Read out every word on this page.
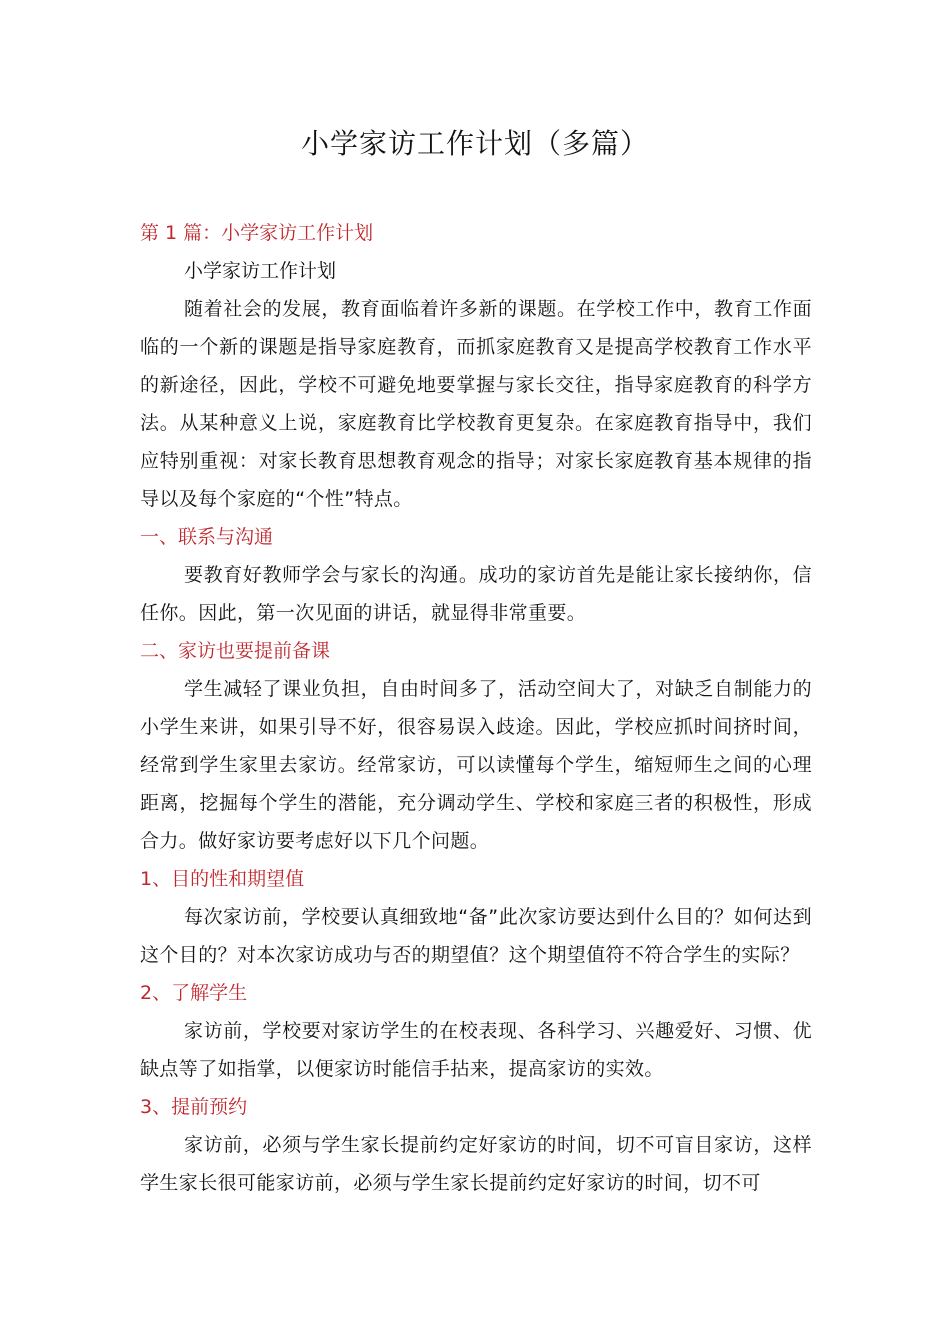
小学家访工作计划（多篇）

第 1 篇：小学家访工作计划

小学家访工作计划

随着社会的发展，教育面临着许多新的课题。在学校工作中，教育工作面临的一个新的课题是指导家庭教育，而抓家庭教育又是提高学校教育工作水平的新途径，因此，学校不可避免地要掌握与家长交往，指导家庭教育的科学方法。从某种意义上说，家庭教育比学校教育更复杂。在家庭教育指导中，我们应特别重视：对家长教育思想教育观念的指导；对家长家庭教育基本规律的指导以及每个家庭的“个性”特点。

一、联系与沟通

要教育好教师学会与家长的沟通。成功的家访首先是能让家长接纳你，信任你。因此，第一次见面的讲话，就显得非常重要。

二、家访也要提前备课

学生减轻了课业负担，自由时间多了，活动空间大了，对缺乏自制能力的小学生来讲，如果引导不好，很容易误入歧途。因此，学校应抓时间挤时间，经常到学生家里去家访。经常家访，可以读懂每个学生，缩短师生之间的心理距离，挖掘每个学生的潜能，充分调动学生、学校和家庭三者的积极性，形成合力。做好家访要考虑好以下几个问题。

1、目的性和期望值

每次家访前，学校要认真细致地“备”此次家访要达到什么目的？如何达到这个目的？对本次家访成功与否的期望值？这个期望值符不符合学生的实际？

2、了解学生

家访前，学校要对家访学生的在校表现、各科学习、兴趣爱好、习惯、优缺点等了如指掌，以便家访时能信手拈来，提高家访的实效。

3、提前预约

家访前，必须与学生家长提前约定好家访的时间，切不可盲目家访，这样学生家长很可能家访前，必须与学生家长提前约定好家访的时间，切不可
